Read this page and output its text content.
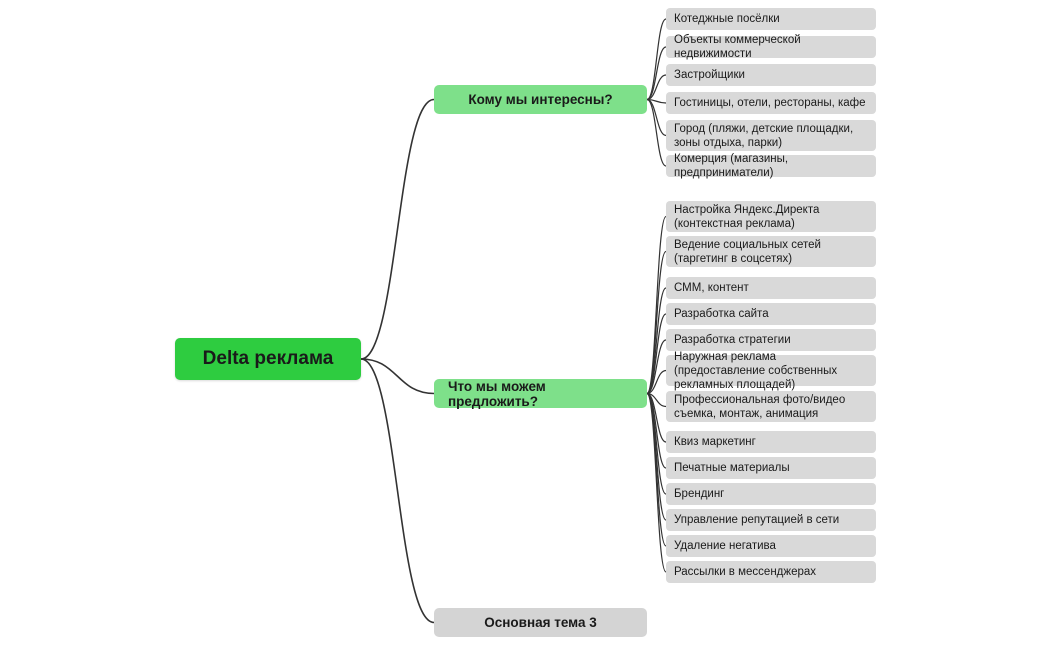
Delta реклама
Кому мы интересны?
Котеджные посёлки
Объекты коммерческой недвижимости
Застройщики
Гостиницы, отели, рестораны, кафе
Город (пляжи, детские площадки, зоны отдыха, парки)
Комерция (магазины, предприниматели)
Что мы можем предложить?
Настройка Яндекс.Директа (контекстная реклама)
Ведение социальных сетей (таргетинг в соцсетях)
СММ, контент
Разработка сайта
Разработка стратегии
Наружная реклама (предоставление собственных рекламных площадей)
Профессиональная фото/видео съемка, монтаж, анимация
Квиз маркетинг
Печатные материалы
Брендинг
Управление репутацией в сети
Удаление негатива
Рассылки в мессенджерах
Основная тема 3
